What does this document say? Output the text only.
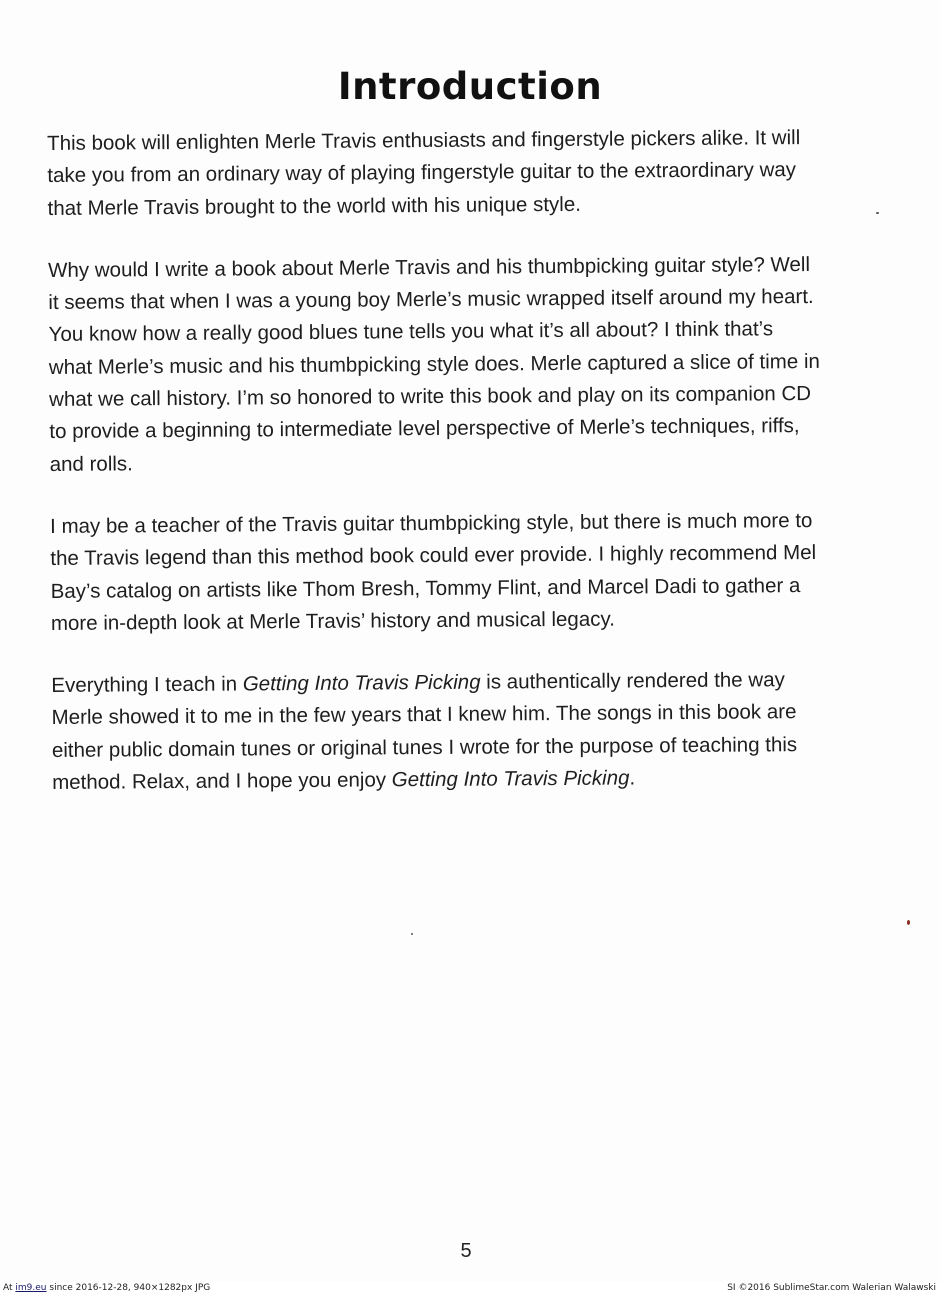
Introduction

This book will enlighten Merle Travis enthusiasts and fingerstyle pickers alike. It will
take you from an ordinary way of playing fingerstyle guitar to the extraordinary way
that Merle Travis brought to the world with his unique style.

Why would I write a book about Merle Travis and his thumbpicking guitar style? Well
it seems that when I was a young boy Merle’s music wrapped itself around my heart.
You know how a really good blues tune tells you what it’s all about? I think that’s
what Merle’s music and his thumbpicking style does. Merle captured a slice of time in
what we call history. I’m so honored to write this book and play on its companion CD
to provide a beginning to intermediate level perspective of Merle’s techniques, riffs,
and rolls.

I may be a teacher of the Travis guitar thumbpicking style, but there is much more to
the Travis legend than this method book could ever provide. I highly recommend Mel
Bay’s catalog on artists like Thom Bresh, Tommy Flint, and Marcel Dadi to gather a
more in-depth look at Merle Travis’ history and musical legacy.

Everything I teach in Getting Into Travis Picking is authentically rendered the way
Merle showed it to me in the few years that I knew him. The songs in this book are
either public domain tunes or original tunes I wrote for the purpose of teaching this
method. Relax, and I hope you enjoy Getting Into Travis Picking.

5
At im9.eu since 2016-12-28, 940×1282px JPG	SI ©2016 SublimeStar.com Walerian Walawski
